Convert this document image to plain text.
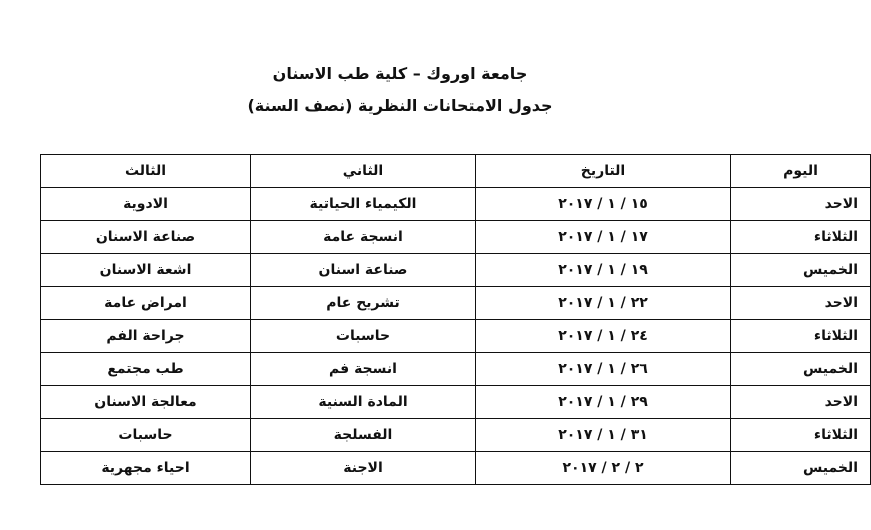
جامعة اوروك – كلية طب الاسنان
جدول الامتحانات النظرية (نصف السنة)
اليوم	التاريخ	الثاني	الثالث
الاحد	١٥ / ١ / ٢٠١٧	الكيمياء الحياتية	الادوية
الثلاثاء	١٧ / ١ / ٢٠١٧	انسجة عامة	صناعة الاسنان
الخميس	١٩ / ١ / ٢٠١٧	صناعة اسنان	اشعة الاسنان
الاحد	٢٢ / ١ / ٢٠١٧	تشريح عام	امراض عامة
الثلاثاء	٢٤ / ١ / ٢٠١٧	حاسبات	جراحة الفم
الخميس	٢٦ / ١ / ٢٠١٧	انسجة فم	طب مجتمع
الاحد	٢٩ / ١ / ٢٠١٧	المادة السنية	معالجة الاسنان
الثلاثاء	٣١ / ١ / ٢٠١٧	الفسلجة	حاسبات
الخميس	٢ / ٢ / ٢٠١٧	الاجنة	احياء مجهرية
